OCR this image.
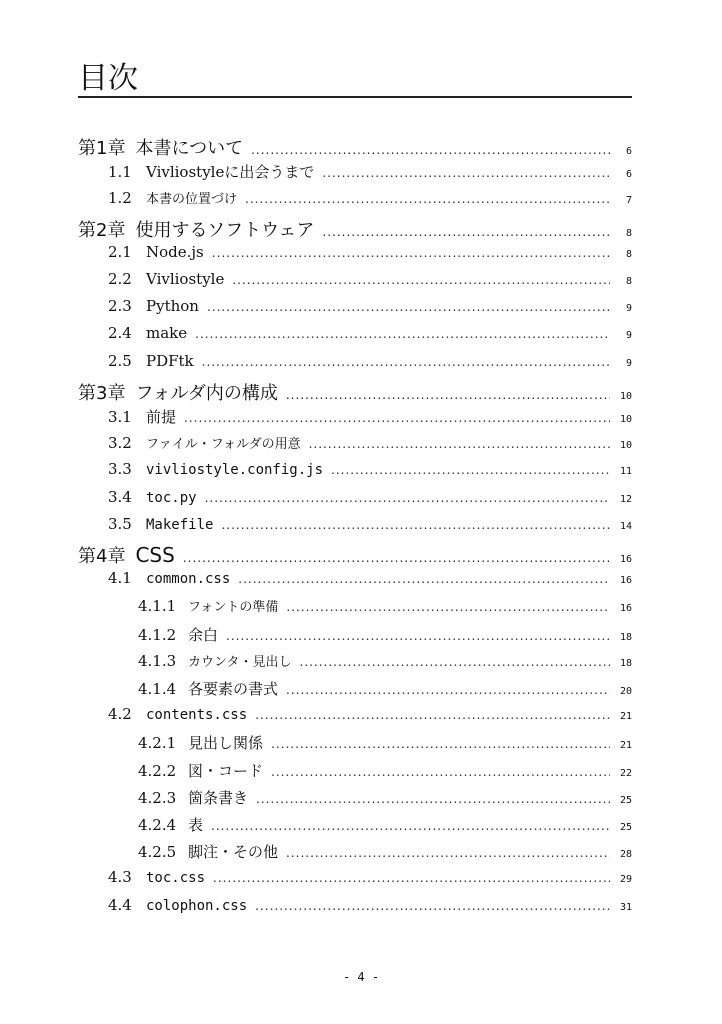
目次
第1章 本書について .....	6
1.1 Vivliostyleに出会うまで .....	6
1.2	本書の位置づけ .....	7
第2章 使用するソフトウェア .....	8
2.1 Node.js .....	8
2.2 Vivliostyle .....	8
2.3 Python .....	9
2.4 make .....	9
2.5 PDFtk .....	9
第3章 フォルダ内の構成 .....	10
3.1 前提 .....	10
3.2	ファイル・フォルダの用意 .....	10
3.3	vivliostyle.config.js .....	11
3.4	toc.py .....	12
3.5	Makefile .....	14
第4章 CSS .....	16
4.1	common.css .....	16
4.1.1 フォントの準備 .....	16
4.1.2 余白 .....	18
4.1.3 カウンタ・見出し .....	18
4.1.4 各要素の書式 .....	20
4.2	contents.css .....	21
4.2.1 見出し関係 .....	21
4.2.2 図・コード .....	22
4.2.3 箇条書き .....	25
4.2.4 表 .....	25
4.2.5 脚注・その他 .....	28
4.3	toc.css .....	29
4.4	colophon.css .....	31
- 4 -
